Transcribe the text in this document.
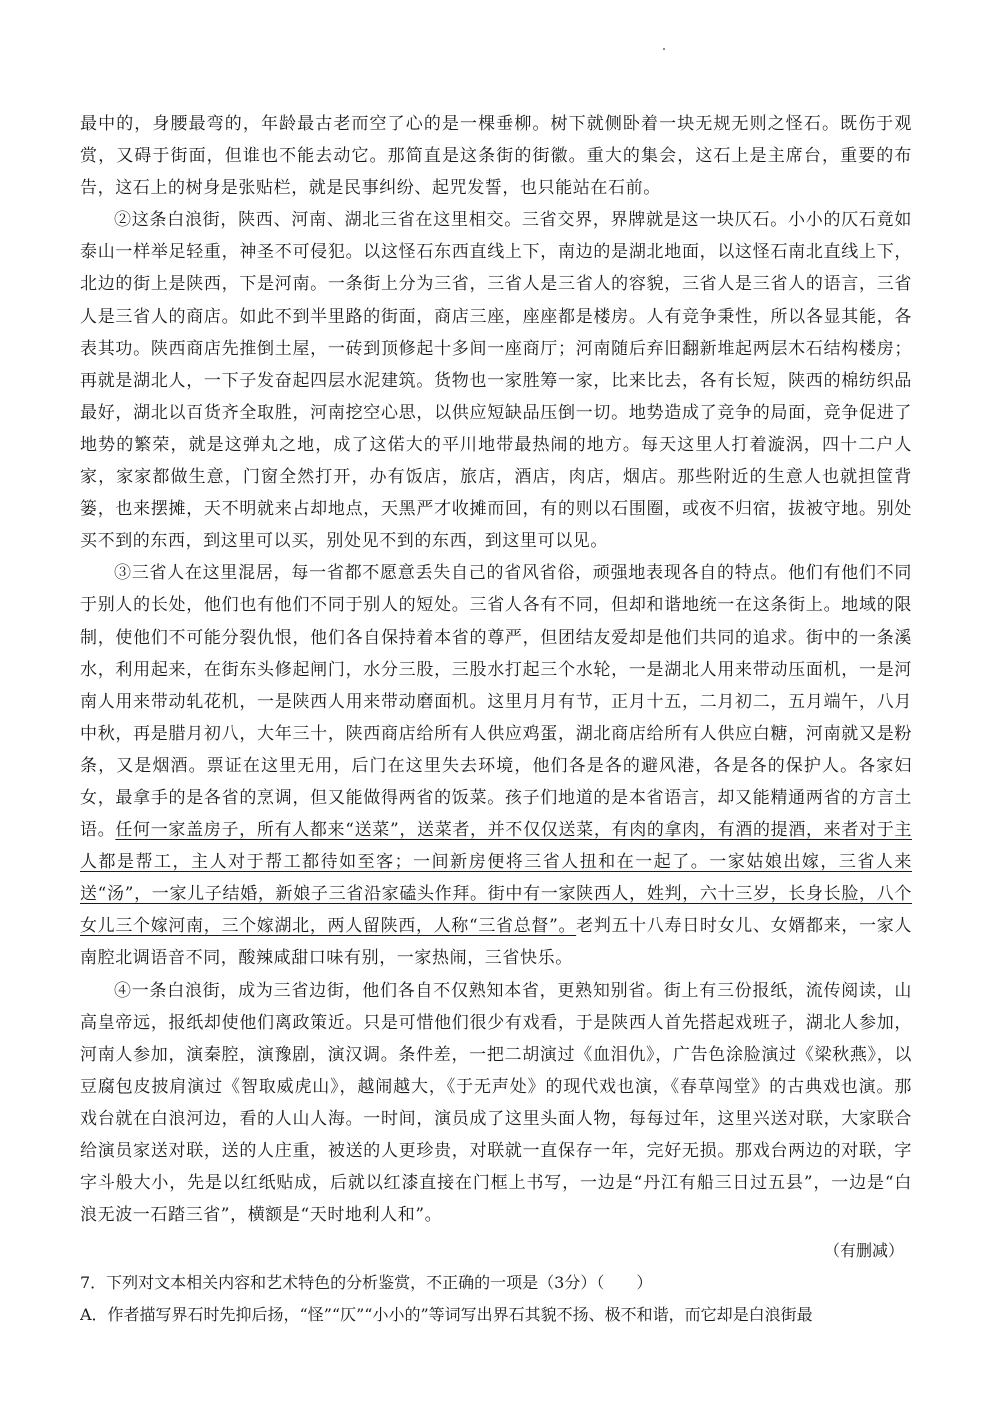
最中的，身腰最弯的，年龄最古老而空了心的是一棵垂柳。树下就侧卧着一块无规无则之怪石。既伤于观赏，又碍于街面，但谁也不能去动它。那简直是这条街的街徽。重大的集会，这石上是主席台，重要的布告，这石上的树身是张贴栏，就是民事纠纷、起咒发誓，也只能站在石前。

②这条白浪街，陕西、河南、湖北三省在这里相交。三省交界，界牌就是这一块仄石。小小的仄石竟如泰山一样举足轻重，神圣不可侵犯。以这怪石东西直线上下，南边的是湖北地面，以这怪石南北直线上下，北边的街上是陕西，下是河南。一条街上分为三省，三省人是三省人的容貌，三省人是三省人的语言，三省人是三省人的商店。如此不到半里路的街面，商店三座，座座都是楼房。人有竞争秉性，所以各显其能，各表其功。陕西商店先推倒土屋，一砖到顶修起十多间一座商厅；河南随后弃旧翻新堆起两层木石结构楼房；再就是湖北人，一下子发奋起四层水泥建筑。货物也一家胜筹一家，比来比去，各有长短，陕西的棉纺织品最好，湖北以百货齐全取胜，河南挖空心思，以供应短缺品压倒一切。地势造成了竞争的局面，竞争促进了地势的繁荣，就是这弹丸之地，成了这偌大的平川地带最热闹的地方。每天这里人打着漩涡，四十二户人家，家家都做生意，门窗全然打开，办有饭店，旅店，酒店，肉店，烟店。那些附近的生意人也就担筐背篓，也来摆摊，天不明就来占却地点，天黑严才收摊而回，有的则以石围圈，或夜不归宿，拔被守地。别处买不到的东西，到这里可以买，别处见不到的东西，到这里可以见。

③三省人在这里混居，每一省都不愿意丢失自己的省风省俗，顽强地表现各自的特点。他们有他们不同于别人的长处，他们也有他们不同于别人的短处。三省人各有不同，但却和谐地统一在这条街上。地域的限制，使他们不可能分裂仇恨，他们各自保持着本省的尊严，但团结友爱却是他们共同的追求。街中的一条溪水，利用起来，在街东头修起闸门，水分三股，三股水打起三个水轮，一是湖北人用来带动压面机，一是河南人用来带动轧花机，一是陕西人用来带动磨面机。这里月月有节，正月十五，二月初二，五月端午，八月中秋，再是腊月初八，大年三十，陕西商店给所有人供应鸡蛋，湖北商店给所有人供应白糖，河南就又是粉条，又是烟酒。票证在这里无用，后门在这里失去环境，他们各是各的避风港，各是各的保护人。各家妇女，最拿手的是各省的烹调，但又能做得两省的饭菜。孩子们地道的是本省语言，却又能精通两省的方言土语。任何一家盖房子，所有人都来“送菜”，送菜者，并不仅仅送菜，有肉的拿肉，有酒的提酒，来者对于主人都是帮工，主人对于帮工都待如至客；一间新房便将三省人扭和在一起了。一家姑娘出嫁，三省人来送“汤”，一家儿子结婚，新娘子三省沿家磕头作拜。街中有一家陕西人，姓判，六十三岁，长身长脸，八个女儿三个嫁河南，三个嫁湖北，两人留陕西，人称“三省总督”。老判五十八寿日时女儿、女婿都来，一家人南腔北调语音不同，酸辣咸甜口味有别，一家热闹，三省快乐。

④一条白浪街，成为三省边街，他们各自不仅熟知本省，更熟知别省。街上有三份报纸，流传阅读，山高皇帝远，报纸却使他们离政策近。只是可惜他们很少有戏看，于是陕西人首先搭起戏班子，湖北人参加，河南人参加，演秦腔，演豫剧，演汉调。条件差，一把二胡演过《血泪仇》，广告色涂脸演过《梁秋燕》，以豆腐包皮披肩演过《智取威虎山》，越闹越大，《于无声处》的现代戏也演，《春草闯堂》的古典戏也演。那戏台就在白浪河边，看的人山人海。一时间，演员成了这里头面人物，每每过年，这里兴送对联，大家联合给演员家送对联，送的人庄重，被送的人更珍贵，对联就一直保存一年，完好无损。那戏台两边的对联，字字斗般大小，先是以红纸贴成，后就以红漆直接在门框上书写，一边是“丹江有船三日过五县”，一边是“白浪无波一石踏三省”，横额是“天时地利人和”。

（有删减）

7．下列对文本相关内容和艺术特色的分析鉴赏，不正确的一项是（3分）（　　）

A．作者描写界石时先抑后扬，“怪”“仄”“小小的”等词写出界石其貌不扬、极不和谐，而它却是白浪街最
